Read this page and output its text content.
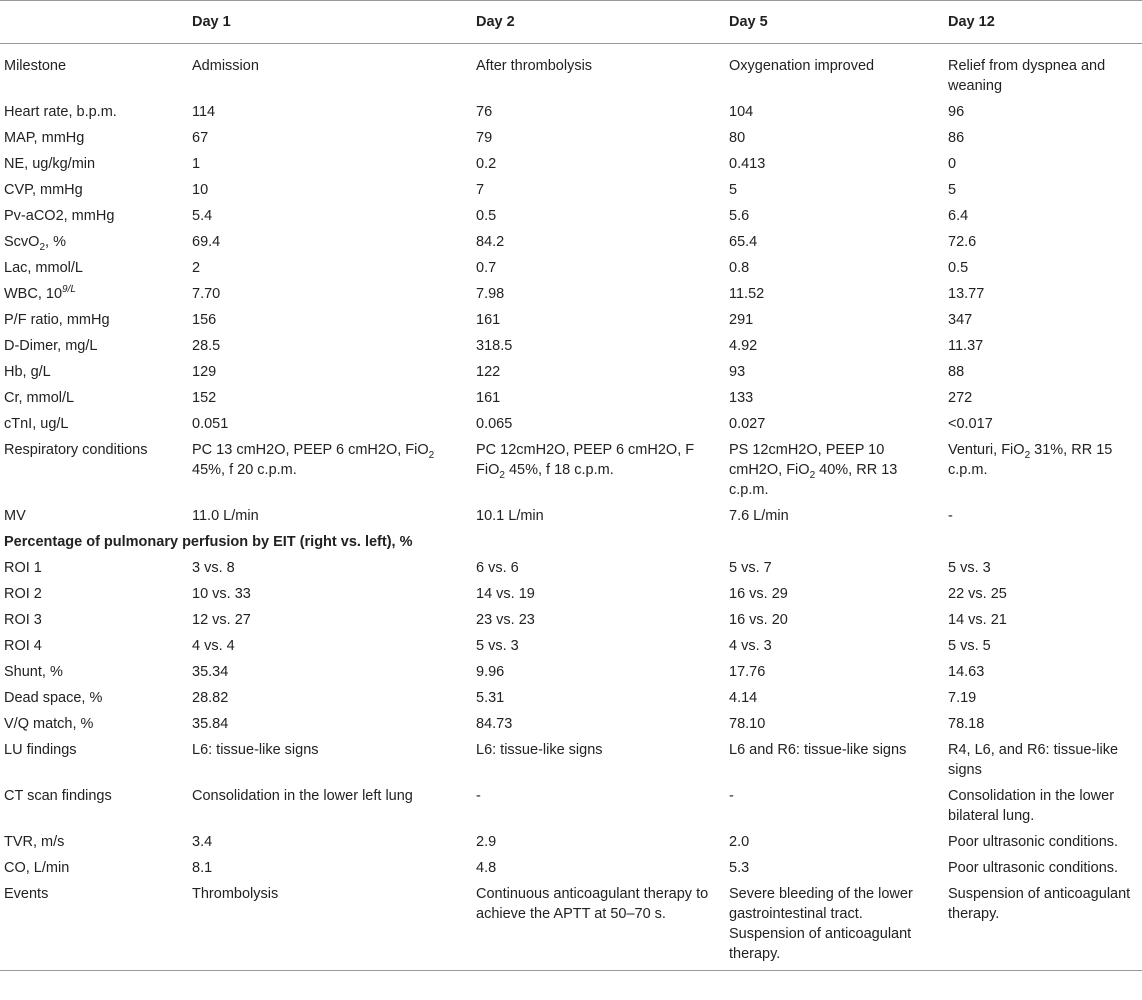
	Day 1	Day 2	Day 5	Day 12
Milestone	Admission	After thrombolysis	Oxygenation improved	Relief from dyspnea and weaning
Heart rate, b.p.m.	114	76	104	96
MAP, mmHg	67	79	80	86
NE, ug/kg/min	1	0.2	0.413	0
CVP, mmHg	10	7	5	5
Pv-aCO2, mmHg	5.4	0.5	5.6	6.4
ScvO$_2$, %	69.4	84.2	65.4	72.6
Lac, mmol/L	2	0.7	0.8	0.5
WBC, $10^{9/L}$	7.70	7.98	11.52	13.77
P/F ratio, mmHg	156	161	291	347
D-Dimer, mg/L	28.5	318.5	4.92	11.37
Hb, g/L	129	122	93	88
Cr, mmol/L	152	161	133	272
cTnI, ug/L	0.051	0.065	0.027	<0.017
Respiratory conditions	PC 13 cmH2O, PEEP 6 cmH2O, FiO$_2$ 45%, f 20 c.p.m.	PC 12cmH2O, PEEP 6 cmH2O, F FiO$_2$ 45%, f 18 c.p.m.	PS 12cmH2O, PEEP 10 cmH2O, FiO$_2$ 40%, RR 13 c.p.m.	Venturi, FiO$_2$ 31%, RR 15 c.p.m.
MV	11.0 L/min	10.1 L/min	7.6 L/min	-
Percentage of pulmonary perfusion by EIT (right vs. left), %				
ROI 1	3 vs. 8	6 vs. 6	5 vs. 7	5 vs. 3
ROI 2	10 vs. 33	14 vs. 19	16 vs. 29	22 vs. 25
ROI 3	12 vs. 27	23 vs. 23	16 vs. 20	14 vs. 21
ROI 4	4 vs. 4	5 vs. 3	4 vs. 3	5 vs. 5
Shunt, %	35.34	9.96	17.76	14.63
Dead space, %	28.82	5.31	4.14	7.19
V/Q match, %	35.84	84.73	78.10	78.18
LU findings	L6: tissue-like signs	L6: tissue-like signs	L6 and R6: tissue-like signs	R4, L6, and R6: tissue-like signs
CT scan findings	Consolidation in the lower left lung	-	-	Consolidation in the lower bilateral lung.
TVR, m/s	3.4	2.9	2.0	Poor ultrasonic conditions.
CO, L/min	8.1	4.8	5.3	Poor ultrasonic conditions.
Events	Thrombolysis	Continuous anticoagulant therapy to achieve the APTT at 50–70 s.	Severe bleeding of the lower gastrointestinal tract. Suspension of anticoagulant therapy.	Suspension of anticoagulant therapy.
